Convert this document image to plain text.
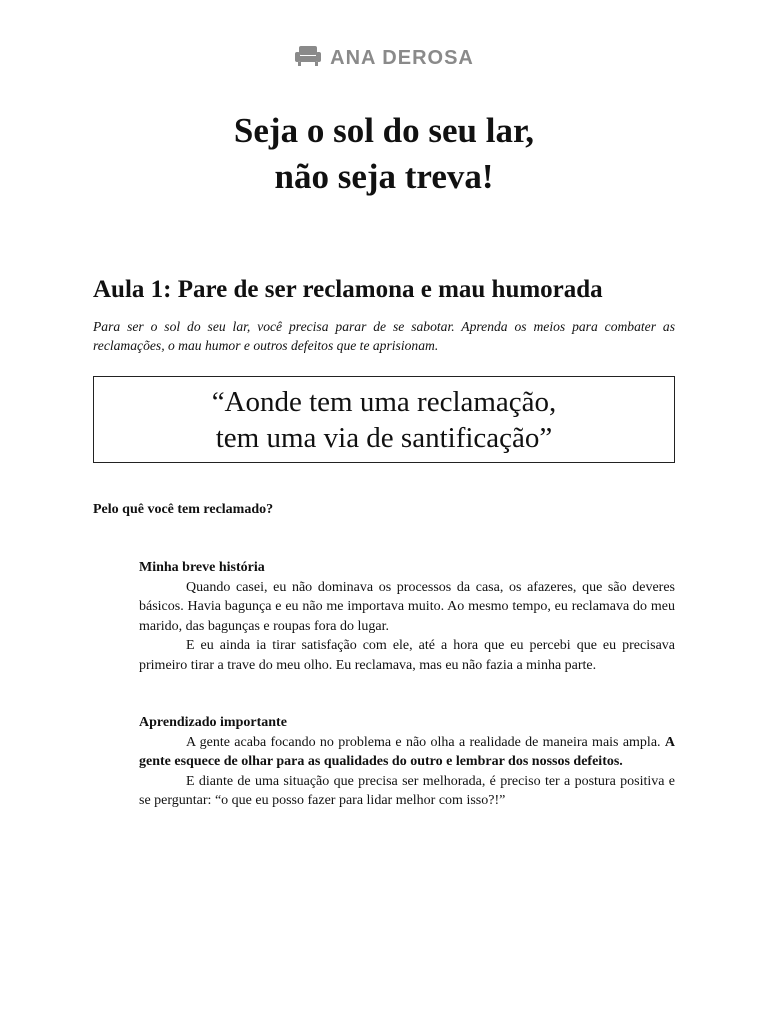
ANA DEROSA
Seja o sol do seu lar,
não seja treva!
Aula 1: Pare de ser reclamona e mau humorada
Para ser o sol do seu lar, você precisa parar de se sabotar. Aprenda os meios para combater as reclamações, o mau humor e outros defeitos que te aprisionam.
“Aonde tem uma reclamação,
tem uma via de santificação”
Pelo quê você tem reclamado?
Minha breve história

Quando casei, eu não dominava os processos da casa, os afazeres, que são deveres básicos. Havia bagunça e eu não me importava muito. Ao mesmo tempo, eu reclamava do meu marido, das bagunças e roupas fora do lugar.

E eu ainda ia tirar satisfação com ele, até a hora que eu percebi que eu precisava primeiro tirar a trave do meu olho. Eu reclamava, mas eu não fazia a minha parte.

Aprendizado importante

A gente acaba focando no problema e não olha a realidade de maneira mais ampla. A gente esquece de olhar para as qualidades do outro e lembrar dos nossos defeitos.

E diante de uma situação que precisa ser melhorada, é preciso ter a postura positiva e se perguntar: “o que eu posso fazer para lidar melhor com isso?!”
